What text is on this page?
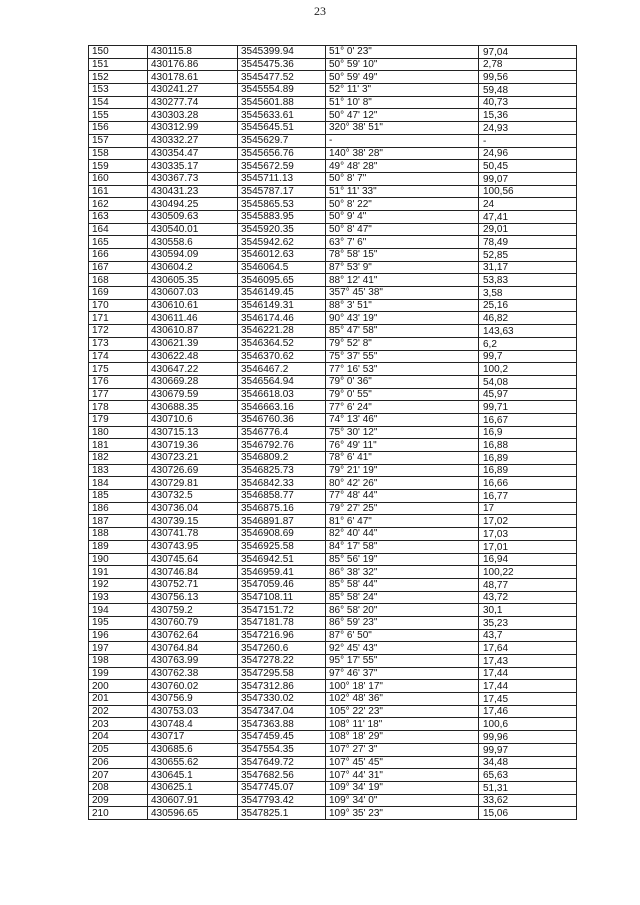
23
150	430115.8	3545399.94	51° 0' 23"	97,04
151	430176.86	3545475.36	50° 59' 10"	2,78
152	430178.61	3545477.52	50° 59' 49"	99,56
153	430241.27	3545554.89	52° 11' 3"	59,48
154	430277.74	3545601.88	51° 10' 8"	40,73
155	430303.28	3545633.61	50° 47' 12"	15,36
156	430312.99	3545645.51	320° 38' 51"	24,93
157	430332.27	3545629.7	-	-
158	430354.47	3545656.76	140° 38' 28"	24,96
159	430335.17	3545672.59	49° 48' 28"	50,45
160	430367.73	3545711.13	50° 8' 7"	99,07
161	430431.23	3545787.17	51° 11' 33"	100,56
162	430494.25	3545865.53	50° 8' 22"	24
163	430509.63	3545883.95	50° 9' 4"	47,41
164	430540.01	3545920.35	50° 8' 47"	29,01
165	430558.6	3545942.62	63° 7' 6"	78,49
166	430594.09	3546012.63	78° 58' 15"	52,85
167	430604.2	3546064.5	87° 53' 9"	31,17
168	430605.35	3546095.65	88° 12' 41"	53,83
169	430607.03	3546149.45	357° 45' 38"	3,58
170	430610.61	3546149.31	88° 3' 51"	25,16
171	430611.46	3546174.46	90° 43' 19"	46,82
172	430610.87	3546221.28	85° 47' 58"	143,63
173	430621.39	3546364.52	79° 52' 8"	6,2
174	430622.48	3546370.62	75° 37' 55"	99,7
175	430647.22	3546467.2	77° 16' 53"	100,2
176	430669.28	3546564.94	79° 0' 36"	54,08
177	430679.59	3546618.03	79° 0' 55"	45,97
178	430688.35	3546663.16	77° 6' 24"	99,71
179	430710.6	3546760.36	74° 13' 46"	16,67
180	430715.13	3546776.4	75° 30' 12"	16,9
181	430719.36	3546792.76	76° 49' 11"	16,88
182	430723.21	3546809.2	78° 6' 41"	16,89
183	430726.69	3546825.73	79° 21' 19"	16,89
184	430729.81	3546842.33	80° 42' 26"	16,66
185	430732.5	3546858.77	77° 48' 44"	16,77
186	430736.04	3546875.16	79° 27' 25"	17
187	430739.15	3546891.87	81° 6' 47"	17,02
188	430741.78	3546908.69	82° 40' 44"	17,03
189	430743.95	3546925.58	84° 17' 58"	17,01
190	430745.64	3546942.51	85° 56' 19"	16,94
191	430746.84	3546959.41	86° 38' 32"	100,22
192	430752.71	3547059.46	85° 58' 44"	48,77
193	430756.13	3547108.11	85° 58' 24"	43,72
194	430759.2	3547151.72	86° 58' 20"	30,1
195	430760.79	3547181.78	86° 59' 23"	35,23
196	430762.64	3547216.96	87° 6' 50"	43,7
197	430764.84	3547260.6	92° 45' 43"	17,64
198	430763.99	3547278.22	95° 17' 55"	17,43
199	430762.38	3547295.58	97° 46' 37"	17,44
200	430760.02	3547312.86	100° 18' 17"	17,44
201	430756.9	3547330.02	102° 48' 36"	17,45
202	430753.03	3547347.04	105° 22' 23"	17,46
203	430748.4	3547363.88	108° 11' 18"	100,6
204	430717	3547459.45	108° 18' 29"	99,96
205	430685.6	3547554.35	107° 27' 3"	99,97
206	430655.62	3547649.72	107° 45' 45"	34,48
207	430645.1	3547682.56	107° 44' 31"	65,63
208	430625.1	3547745.07	109° 34' 19"	51,31
209	430607.91	3547793.42	109° 34' 0"	33,62
210	430596.65	3547825.1	109° 35' 23"	15,06
